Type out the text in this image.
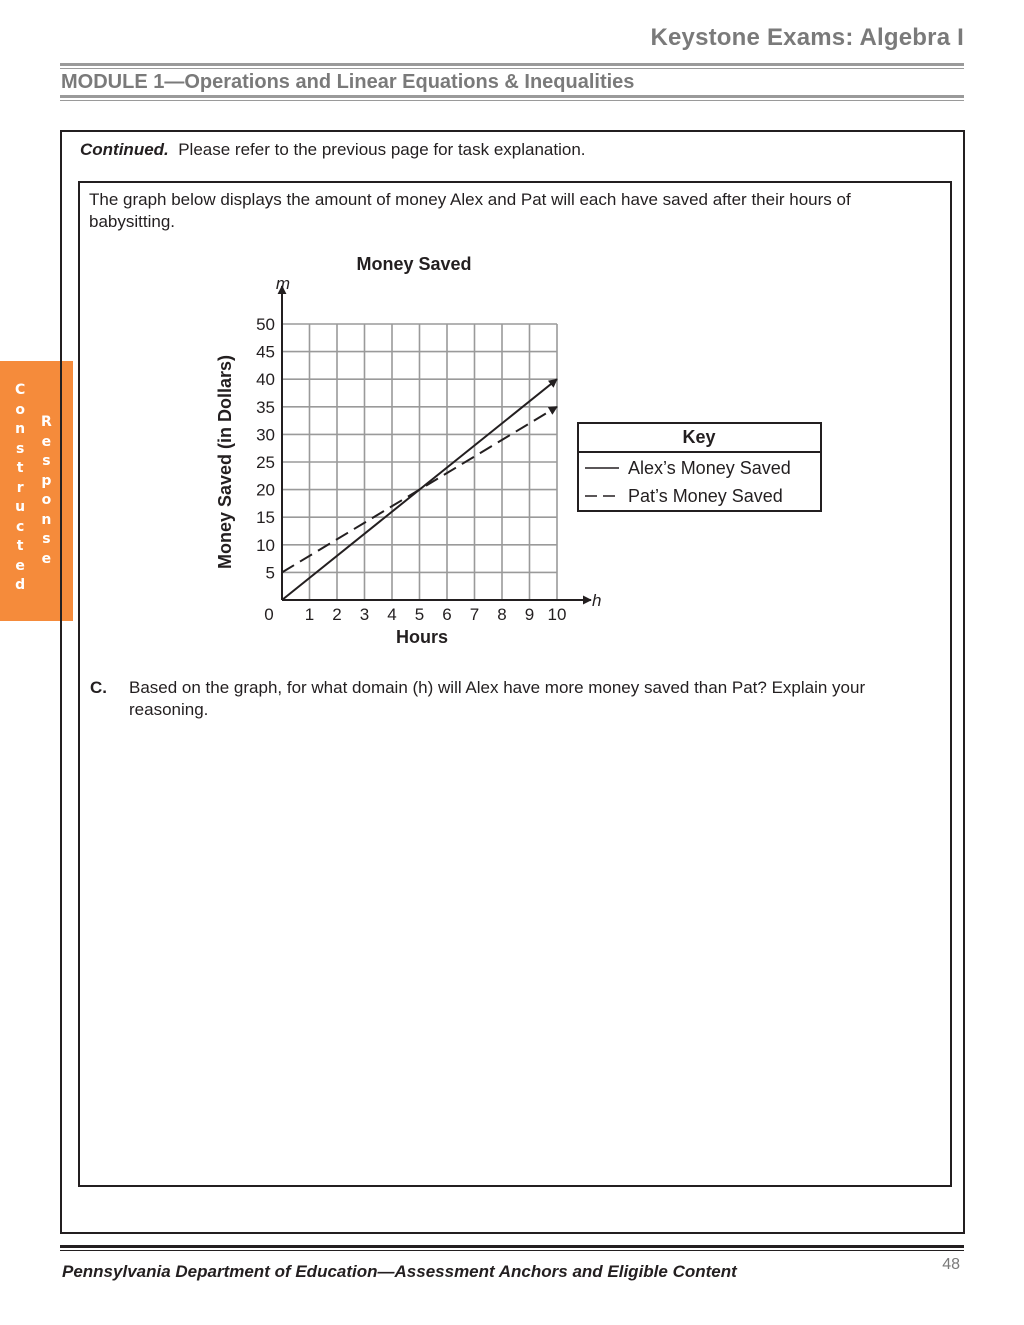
Keystone Exams: Algebra I
MODULE 1—Operations and Linear Equations & Inequalities
C
o
n
s
t
r
u
c
t
e
d
R
e
s
p
o
n
s
e
Continued. Please refer to the previous page for task explanation.
The graph below displays the amount of money Alex and Pat will each have saved after their hours of babysitting.
Money Saved
0 1 2 3 4 5 6 7 8 9 10
5
10
15
20
25
30
35
40
45
50
h
m
Hours
Money Saved (in Dollars)	Key
Alex’s Money Saved
Pat’s Money Saved
C. Based on the graph, for what domain (h) will Alex have more money saved than Pat? Explain your reasoning.
Pennsylvania Department of Education—Assessment Anchors and Eligible Content	48
